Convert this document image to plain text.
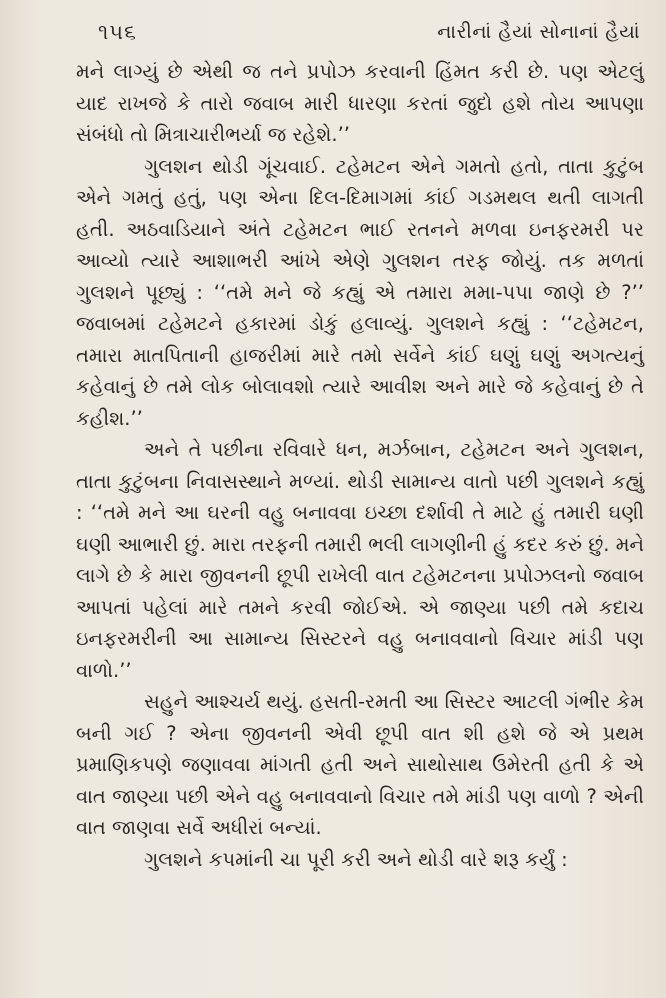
૧૫૬	નારીનાં હૈયાં સોનાનાં હૈયાં

મને લાગ્યું છે એથી જ તને પ્રપોઝ કરવાની હિંમત કરી છે. પણ એટલું યાદ રાખજે કે તારો જવાબ મારી ધારણા કરતાં જુદો હશે તોય આપણા સંબંધો તો મિત્રાચારીભર્યા જ રહેશે.’’

ગુલશન થોડી ગૂંચવાઈ. ટહેમટન એને ગમતો હતો, તાતા કુટુંબ એને ગમતું હતું, પણ એના દિલ-દિમાગમાં કાંઈ ગડમથલ થતી લાગતી હતી. અઠવાડિયાને અંતે ટહેમટન ભાઈ રતનને મળવા ઇનફરમરી પર આવ્યો ત્યારે આશાભરી આંખે એણે ગુલશન તરફ જોયું. તક મળતાં ગુલશને પૂછ્યું : ‘‘તમે મને જે કહ્યું એ તમારા મમા-પપા જાણે છે ?’’ જવાબમાં ટહેમટને હકારમાં ડોકું હલાવ્યું. ગુલશને કહ્યું : ‘‘ટહેમટન, તમારા માતપિતાની હાજરીમાં મારે તમો સર્વેને કાંઈ ઘણું ઘણું અગત્યનું કહેવાનું છે તમે લોક બોલાવશો ત્યારે આવીશ અને મારે જે કહેવાનું છે તે કહીશ.’’

અને તે પછીના રવિવારે ધન, મર્ઝબાન, ટહેમટન અને ગુલશન, તાતા કુટુંબના નિવાસસ્થાને મળ્યાં. થોડી સામાન્ય વાતો પછી ગુલશને કહ્યું : ‘‘તમે મને આ ઘરની વહુ બનાવવા ઇચ્છા દર્શાવી તે માટે હું તમારી ઘણી ઘણી આભારી છું. મારા તરફની તમારી ભલી લાગણીની હું કદર કરું છું. મને લાગે છે કે મારા જીવનની છૂપી રાખેલી વાત ટહેમટનના પ્રપોઝલનો જવાબ આપતાં પહેલાં મારે તમને કરવી જોઈએ. એ જાણ્યા પછી તમે કદાચ ઇનફરમરીની આ સામાન્ય સિસ્ટરને વહુ બનાવવાનો વિચાર માંડી પણ વાળો.’’

સહુને આશ્ચર્ય થયું. હસતી-રમતી આ સિસ્ટર આટલી ગંભીર કેમ બની ગઈ ? એના જીવનની એવી છૂપી વાત શી હશે જે એ પ્રથમ પ્રમાણિકપણે જણાવવા માંગતી હતી અને સાથોસાથ ઉમેરતી હતી કે એ વાત જાણ્યા પછી એને વહુ બનાવવાનો વિચાર તમે માંડી પણ વાળો ? એની વાત જાણવા સર્વે અધીરાં બન્યાં.

ગુલશને કપમાંની ચા પૂરી કરી અને થોડી વારે શરૂ કર્યું :
